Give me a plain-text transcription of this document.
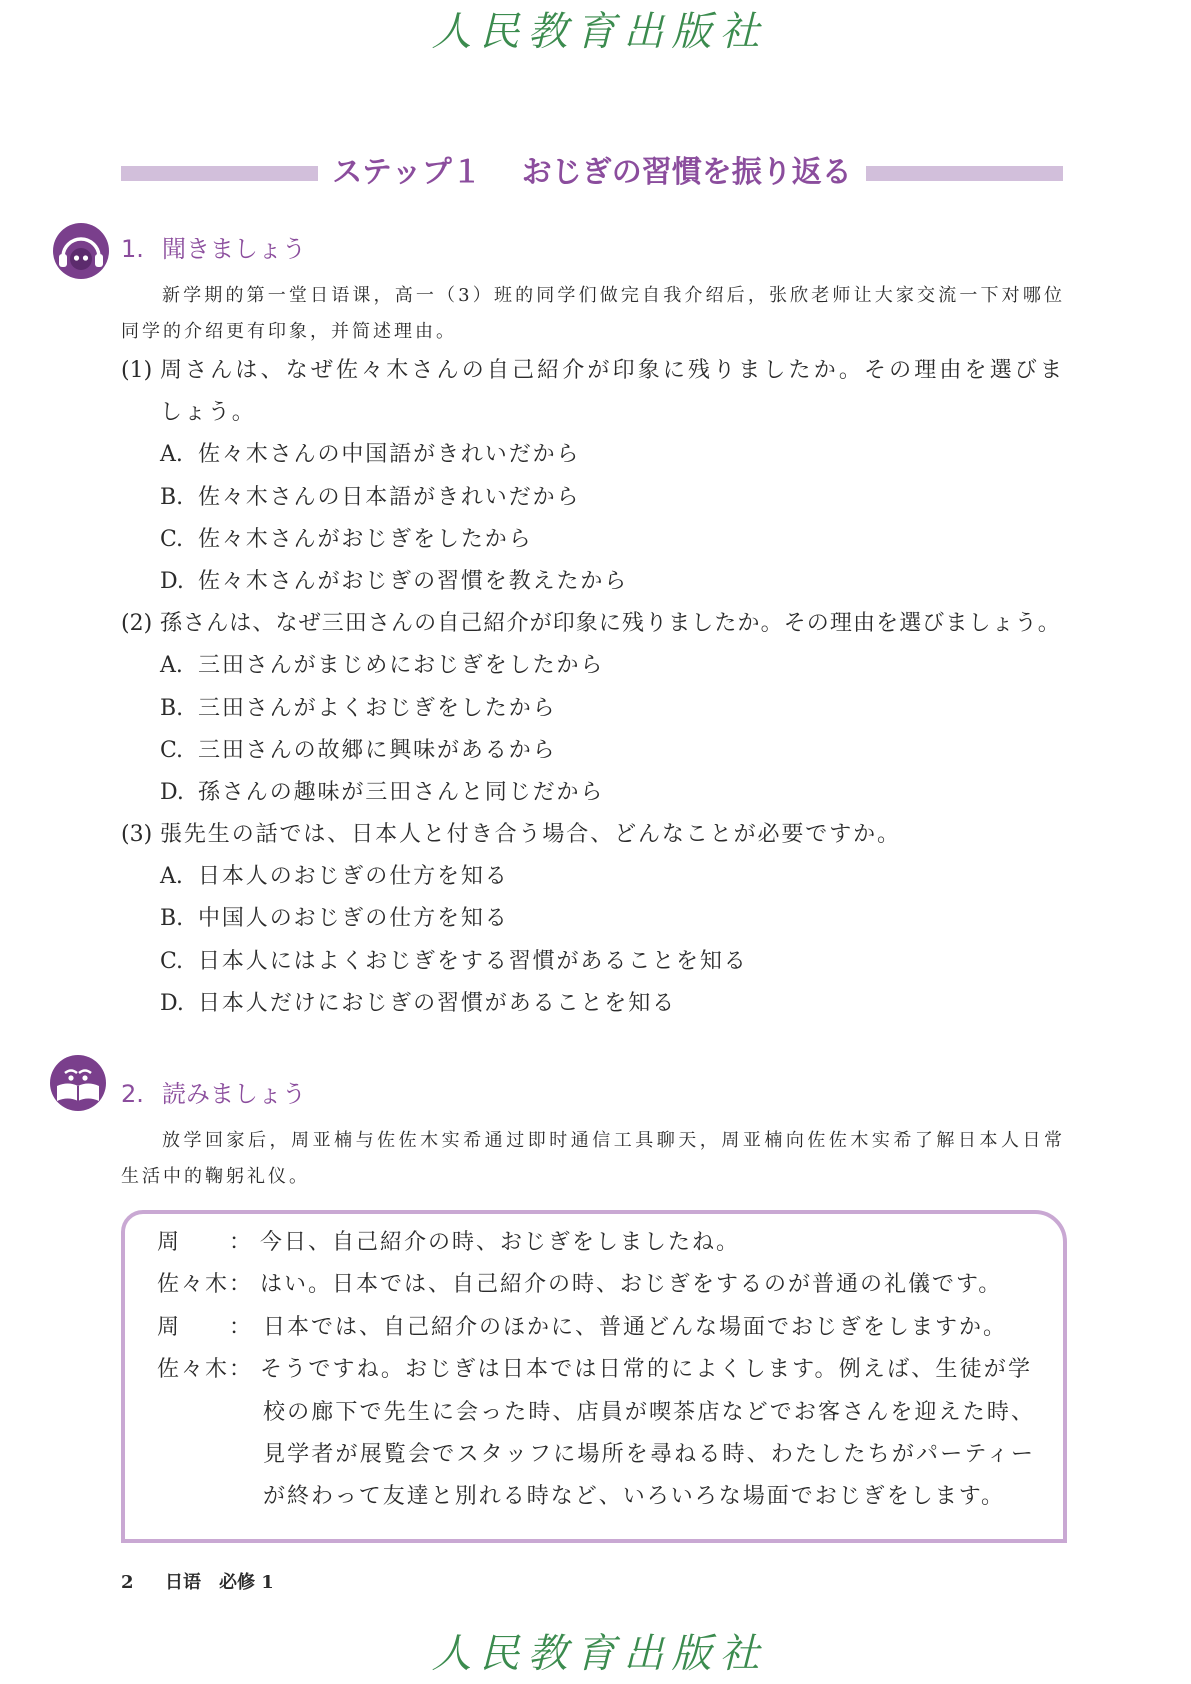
人民教育出版社
ステップ１ おじぎの習慣を振り返る
1. 聞きましょう
新学期的第一堂日语课，高一（3）班的同学们做完自我介绍后，张欣老师让大家交流一下对哪位
同学的介绍更有印象，并简述理由。
(1) 周さんは、なぜ佐々木さんの自己紹介が印象に残りましたか。その理由を選びま
しょう。
A. 佐々木さんの中国語がきれいだから
B. 佐々木さんの日本語がきれいだから
C. 佐々木さんがおじぎをしたから
D. 佐々木さんがおじぎの習慣を教えたから
(2) 孫さんは、なぜ三田さんの自己紹介が印象に残りましたか。その理由を選びましょう。
A. 三田さんがまじめにおじぎをしたから
B. 三田さんがよくおじぎをしたから
C. 三田さんの故郷に興味があるから
D. 孫さんの趣味が三田さんと同じだから
(3) 張先生の話では、日本人と付き合う場合、どんなことが必要ですか。
A. 日本人のおじぎの仕方を知る
B. 中国人のおじぎの仕方を知る
C. 日本人にはよくおじぎをする習慣があることを知る
D. 日本人だけにおじぎの習慣があることを知る
2. 読みましょう
放学回家后，周亚楠与佐佐木实希通过即时通信工具聊天，周亚楠向佐佐木实希了解日本人日常
生活中的鞠躬礼仪。
周 ： 今日、自己紹介の時、おじぎをしましたね。
佐々木 ： はい。日本では、自己紹介の時、おじぎをするのが普通の礼儀です。
周 ： 日本では、自己紹介のほかに、普通どんな場面でおじぎをしますか。
佐々木 ： そうですね。おじぎは日本では日常的によくします。例えば、生徒が学
校の廊下で先生に会った時、店員が喫茶店などでお客さんを迎えた時、
見学者が展覧会でスタッフに場所を尋ねる時、わたしたちがパーティー
が終わって友達と別れる時など、いろいろな場面でおじぎをします。
2 日语　必修 1
人民教育出版社
